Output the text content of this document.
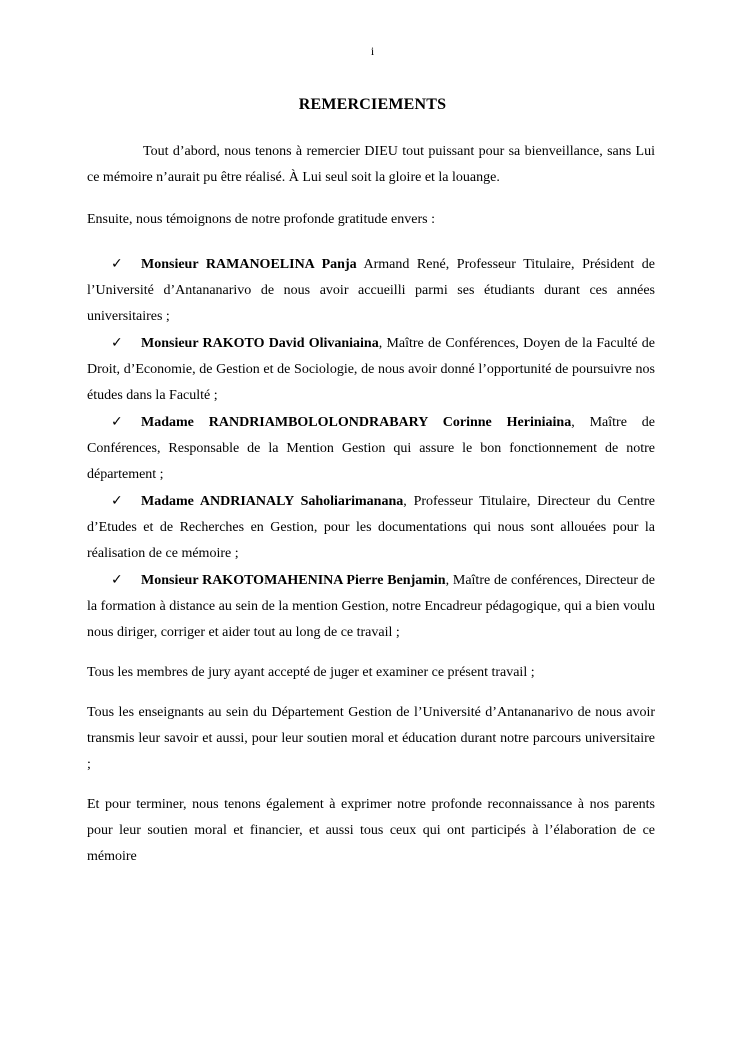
i
REMERCIEMENTS

Tout d’abord, nous tenons à remercier DIEU tout puissant pour sa bienveillance, sans Lui ce mémoire n’aurait pu être réalisé. À Lui seul soit la gloire et la louange.

Ensuite, nous témoignons de notre profonde gratitude envers :

✓ Monsieur RAMANOELINA Panja Armand René, Professeur Titulaire, Président de l’Université d’Antananarivo de nous avoir accueilli parmi ses étudiants durant ces années universitaires ;

✓ Monsieur RAKOTO David Olivaniaina, Maître de Conférences, Doyen de la Faculté de Droit, d’Economie, de Gestion et de Sociologie, de nous avoir donné l’opportunité de poursuivre nos études dans la Faculté ;

✓ Madame RANDRIAMBOLOLONDRABARY Corinne Heriniaina, Maître de Conférences, Responsable de la Mention Gestion qui assure le bon fonctionnement de notre département ;

✓ Madame ANDRIANALY Saholiarimanana, Professeur Titulaire, Directeur du Centre d’Etudes et de Recherches en Gestion, pour les documentations qui nous sont allouées pour la réalisation de ce mémoire ;

✓ Monsieur RAKOTOMAHENINA Pierre Benjamin, Maître de conférences, Directeur de la formation à distance au sein de la mention Gestion, notre Encadreur pédagogique, qui a bien voulu nous diriger, corriger et aider tout au long de ce travail ;

Tous les membres de jury ayant accepté de juger et examiner ce présent travail ;

Tous les enseignants au sein du Département Gestion de l’Université d’Antananarivo de nous avoir transmis leur savoir et aussi, pour leur soutien moral et éducation durant notre parcours universitaire ;

Et pour terminer, nous tenons également à exprimer notre profonde reconnaissance à nos parents pour leur soutien moral et financier, et aussi tous ceux qui ont participés à l’élaboration de ce mémoire
